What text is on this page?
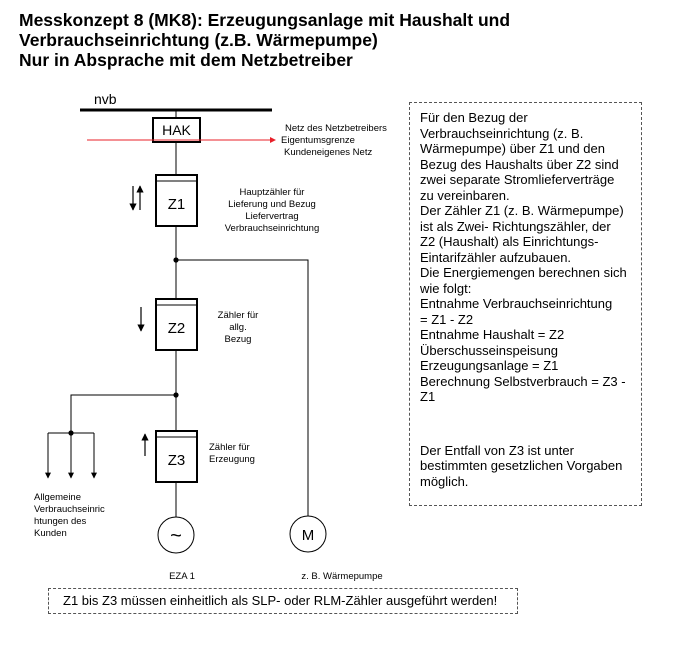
Messkonzept 8 (MK8): Erzeugungsanlage mit Haushalt und
Verbrauchseinrichtung (z.B. Wärmepumpe)
Nur in Absprache mit dem Netzbetreiber
nvb
HAK	Netz des Netzbetreibers
Eigentumsgrenze
Kundeneigenes Netz
Z1
Hauptzähler für
Lieferung und Bezug
Liefervertrag
Verbrauchseinrichtung
Z2
Zähler für
allg.
Bezug
Allgemeine
Verbrauchseinric
htungen des
Kunden
Z3
Zähler für
Erzeugung
~
EZA 1
M
z. B. Wärmepumpe

Für den Bezug der

Verbrauchseinrichtung (z. B.

Wärmepumpe) über Z1 und den

Bezug des Haushalts über Z2 sind

zwei separate Stromlieferverträge

zu vereinbaren.

Der Zähler Z1 (z. B. Wärmepumpe)

ist als Zwei- Richtungszähler, der

Z2 (Haushalt) als Einrichtungs-

Eintarifzähler aufzubauen.

Die Energiemengen berechnen sich

wie folgt:

Entnahme Verbrauchseinrichtung

= Z1 - Z2

Entnahme Haushalt = Z2

Überschusseinspeisung

Erzeugungsanlage = Z1

Berechnung Selbstverbrauch = Z3 -

Z1

Der Entfall von Z3 ist unter

bestimmten gesetzlichen Vorgaben

möglich.

Z1 bis Z3 müssen einheitlich als SLP- oder RLM-Zähler ausgeführt werden!
